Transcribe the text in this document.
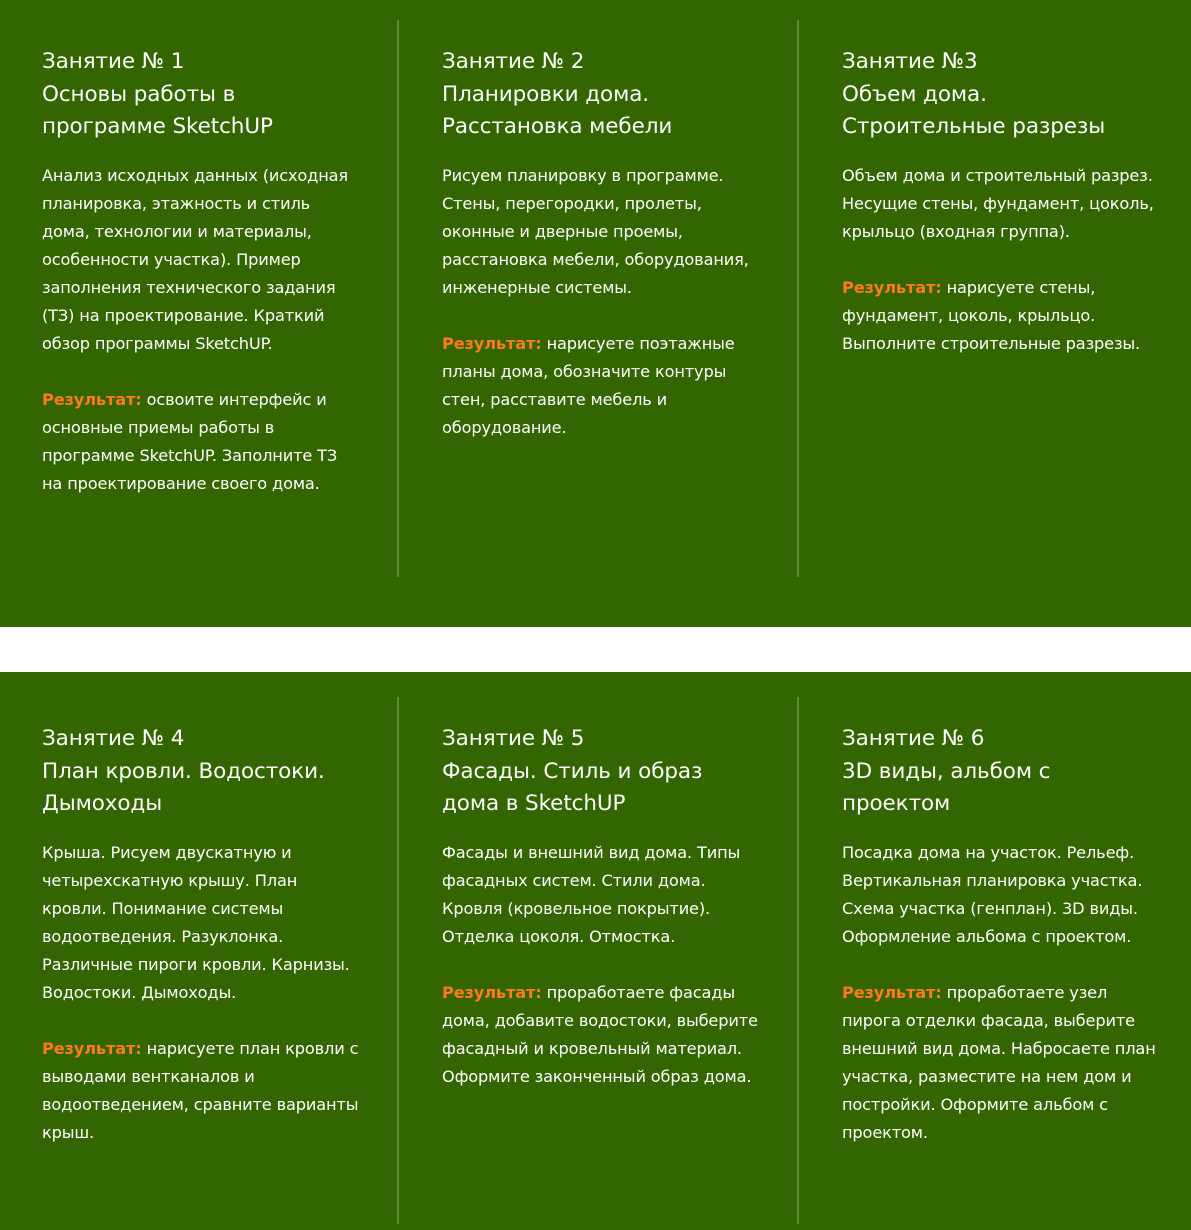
Занятие № 1
Основы работы в
программе SketchUP

Анализ исходных данных (исходная планировка, этажность и стиль дома, технологии и материалы, особенности участка). Пример заполнения технического задания (ТЗ) на проектирование. Краткий обзор программы SketchUP.

Результат: освоите интерфейс и основные приемы работы в программе SketchUP. Заполните ТЗ на проектирование своего дома.

Занятие № 2
Планировки дома.
Расстановка мебели

Рисуем планировку в программе. Стены, перегородки, пролеты, оконные и дверные проемы, расстановка мебели, оборудования, инженерные системы.

Результат: нарисуете поэтажные планы дома, обозначите контуры стен, расставите мебель и оборудование.

Занятие №3
Объем дома.
Строительные разрезы

Объем дома и строительный разрез. Несущие стены, фундамент, цоколь, крыльцо (входная группа).

Результат: нарисуете стены, фундамент, цоколь, крыльцо. Выполните строительные разрезы.

Занятие № 4
План кровли. Водостоки.
Дымоходы

Крыша. Рисуем двускатную и четырехскатную крышу. План кровли. Понимание системы водоотведения. Разуклонка. Различные пироги кровли. Карнизы. Водостоки. Дымоходы.

Результат: нарисуете план кровли с выводами вентканалов и водоотведением, сравните варианты крыш.

Занятие № 5
Фасады. Стиль и образ
дома в SketchUP

Фасады и внешний вид дома. Типы фасадных систем. Стили дома. Кровля (кровельное покрытие). Отделка цоколя. Отмостка.

Результат: проработаете фасады дома, добавите водостоки, выберите фасадный и кровельный материал. Оформите законченный образ дома.

Занятие № 6
3D виды, альбом с
проектом

Посадка дома на участок. Рельеф. Вертикальная планировка участка. Схема участка (генплан). 3D виды. Оформление альбома с проектом.

Результат: проработаете узел пирога отделки фасада, выберите внешний вид дома. Набросаете план участка, разместите на нем дом и постройки. Оформите альбом с проектом.
